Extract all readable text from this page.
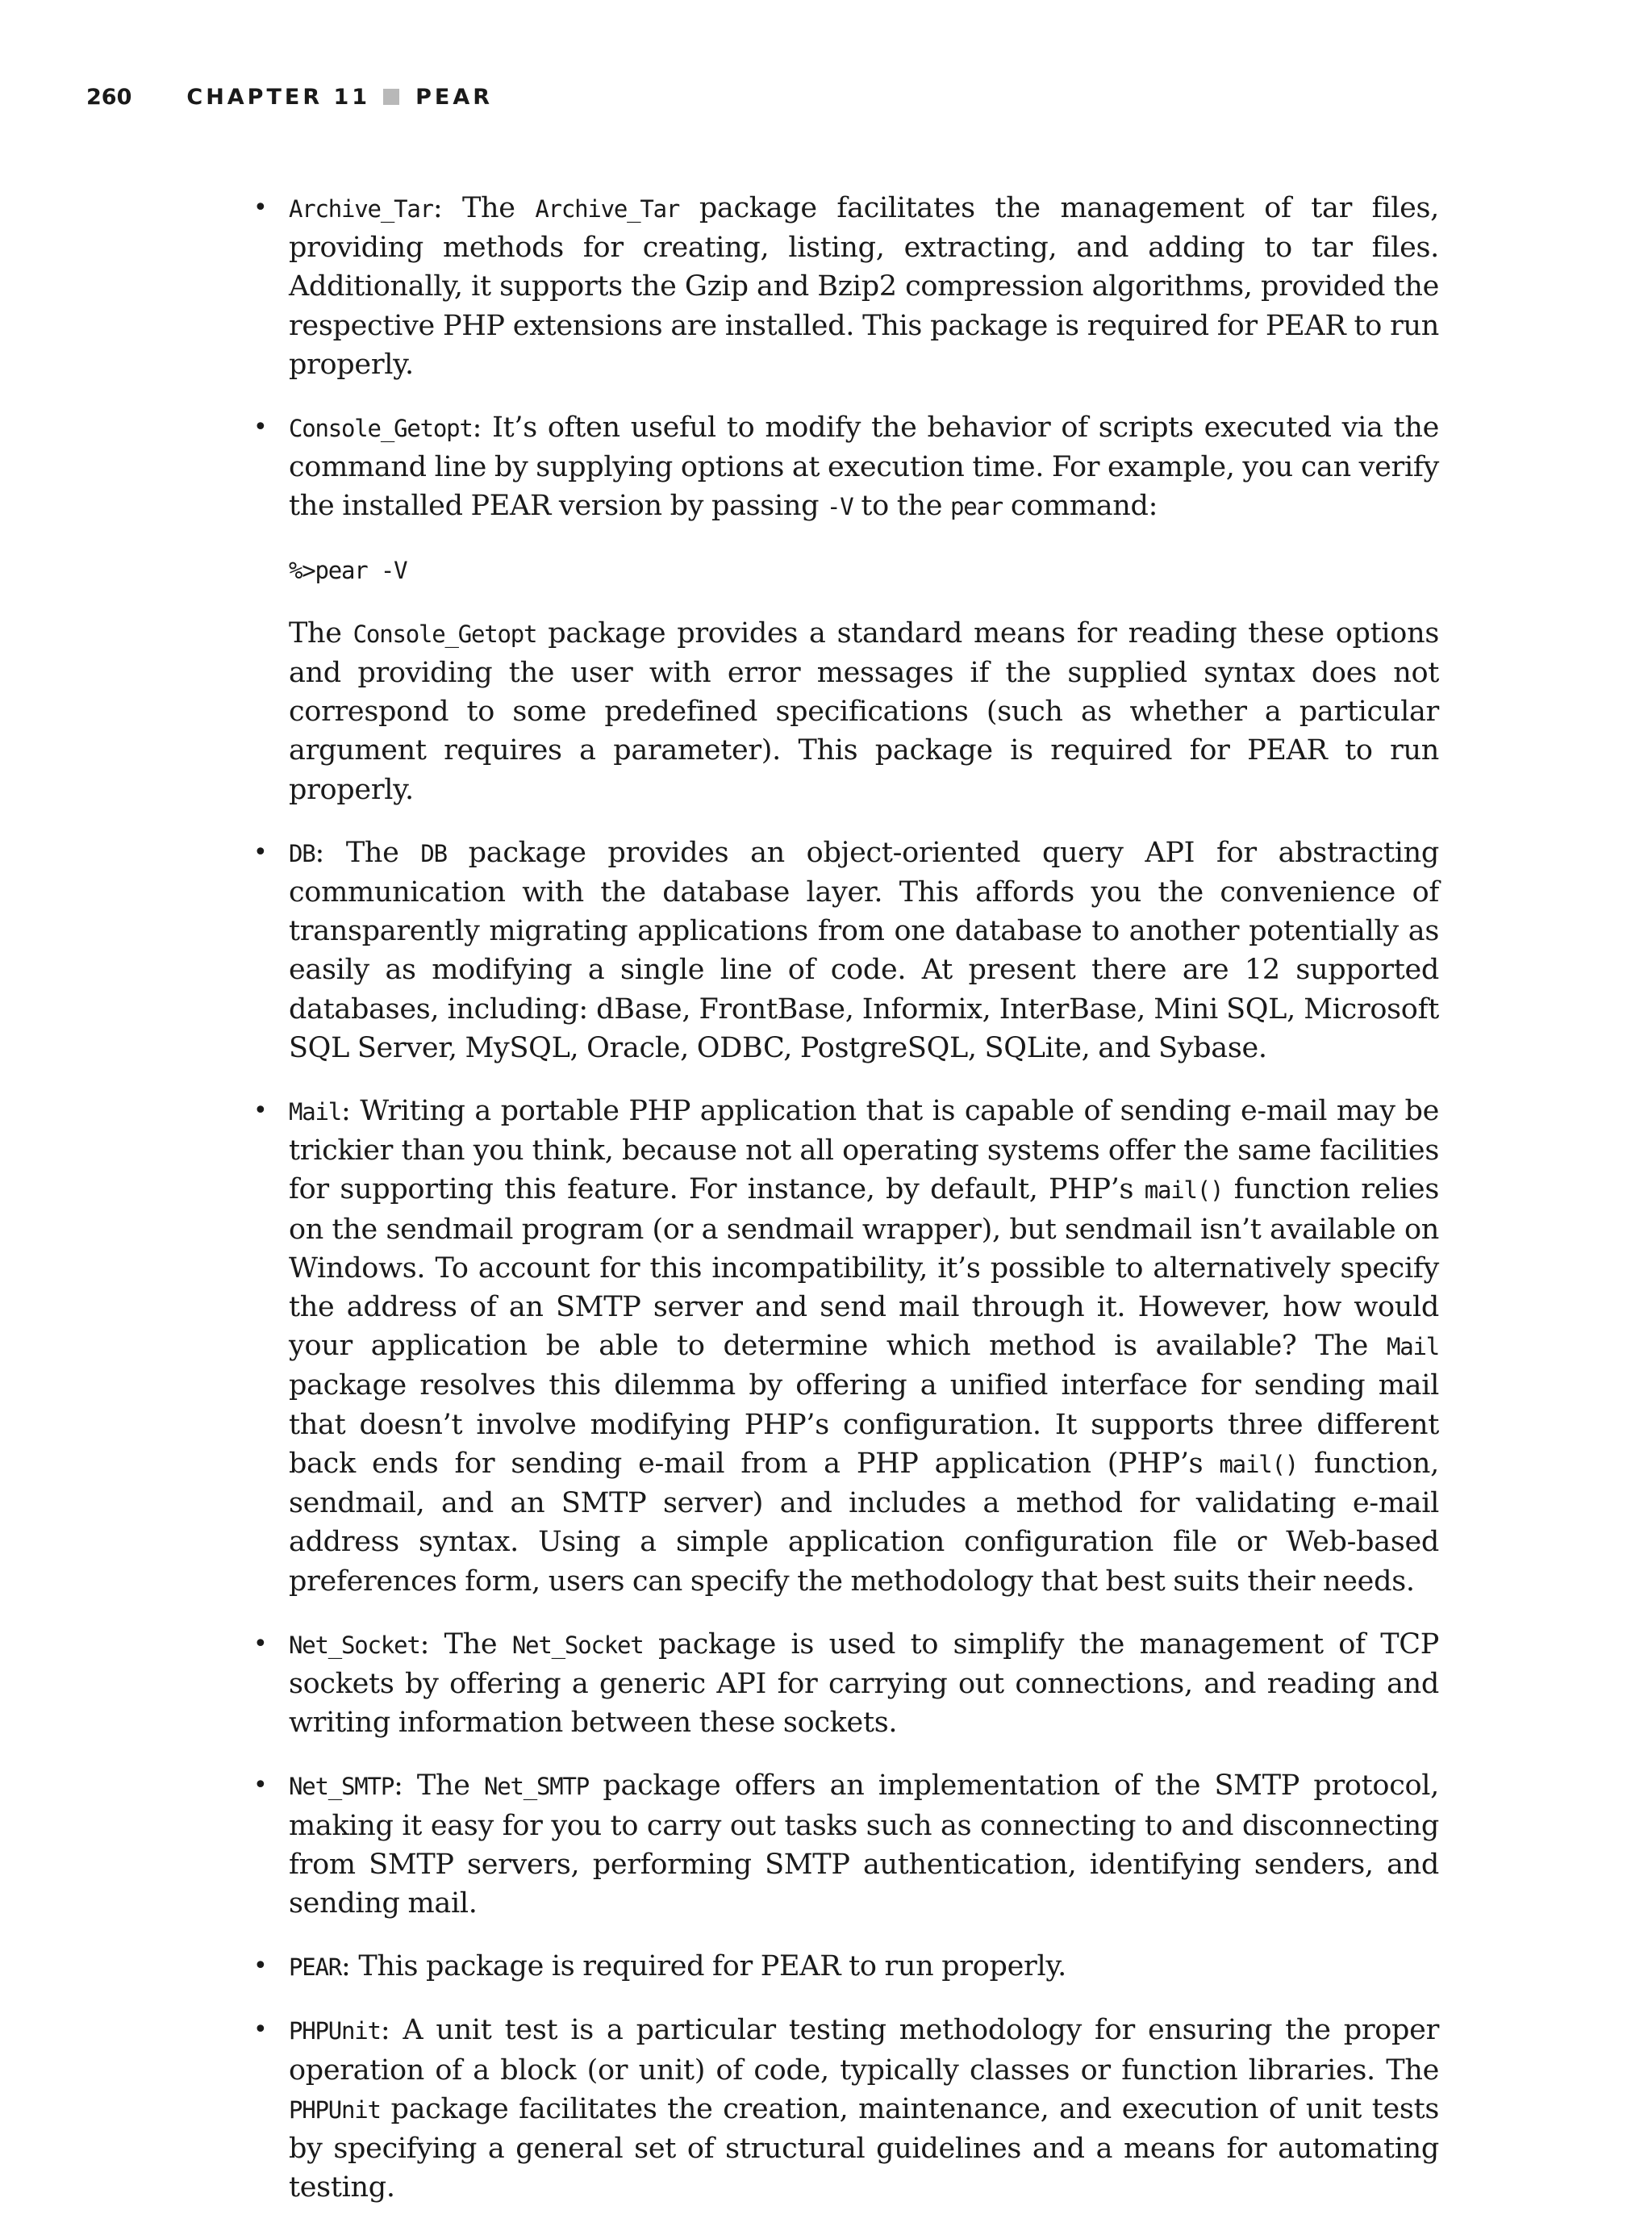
260	CHAPTER 11 PEAR
• Archive_Tar: The Archive_Tar package facilitates the management of tar files, providing methods for creating, listing, extracting, and adding to tar files. Additionally, it supports the Gzip and Bzip2 compression algorithms, provided the respective PHP extensions are installed. This package is required for PEAR to run properly.

• Console_Getopt: It’s often useful to modify the behavior of scripts executed via the command line by supplying options at execution time. For example, you can verify the installed PEAR version by passing -V to the pear command:

%>pear -V

The Console_Getopt package provides a standard means for reading these options and providing the user with error messages if the supplied syntax does not correspond to some predefined specifications (such as whether a particular argument requires a parameter). This package is required for PEAR to run properly.

• DB: The DB package provides an object-oriented query API for abstracting communication with the database layer. This affords you the convenience of transparently migrating applications from one database to another potentially as easily as modifying a single line of code. At present there are 12 supported databases, including: dBase, FrontBase, Informix, InterBase, Mini SQL, Microsoft SQL Server, MySQL, Oracle, ODBC, PostgreSQL, SQLite, and Sybase.

• Mail: Writing a portable PHP application that is capable of sending e-mail may be trickier than you think, because not all operating systems offer the same facilities for supporting this feature. For instance, by default, PHP’s mail() function relies on the sendmail program (or a sendmail wrapper), but sendmail isn’t available on Windows. To account for this incompatibility, it’s possible to alternatively specify the address of an SMTP server and send mail through it. However, how would your application be able to determine which method is available? The Mail package resolves this dilemma by offering a unified interface for sending mail that doesn’t involve modifying PHP’s configuration. It supports three different back ends for sending e-mail from a PHP application (PHP’s mail() function, sendmail, and an SMTP server) and includes a method for validating e-mail address syntax. Using a simple application configuration file or Web-based preferences form, users can specify the methodology that best suits their needs.

• Net_Socket: The Net_Socket package is used to simplify the management of TCP sockets by offering a generic API for carrying out connections, and reading and writing information between these sockets.

• Net_SMTP: The Net_SMTP package offers an implementation of the SMTP protocol, making it easy for you to carry out tasks such as connecting to and disconnecting from SMTP servers, performing SMTP authentication, identifying senders, and sending mail.

• PEAR: This package is required for PEAR to run properly.

• PHPUnit: A unit test is a particular testing methodology for ensuring the proper operation of a block (or unit) of code, typically classes or function libraries. The PHPUnit package facilitates the creation, maintenance, and execution of unit tests by specifying a general set of structural guidelines and a means for automating testing.
